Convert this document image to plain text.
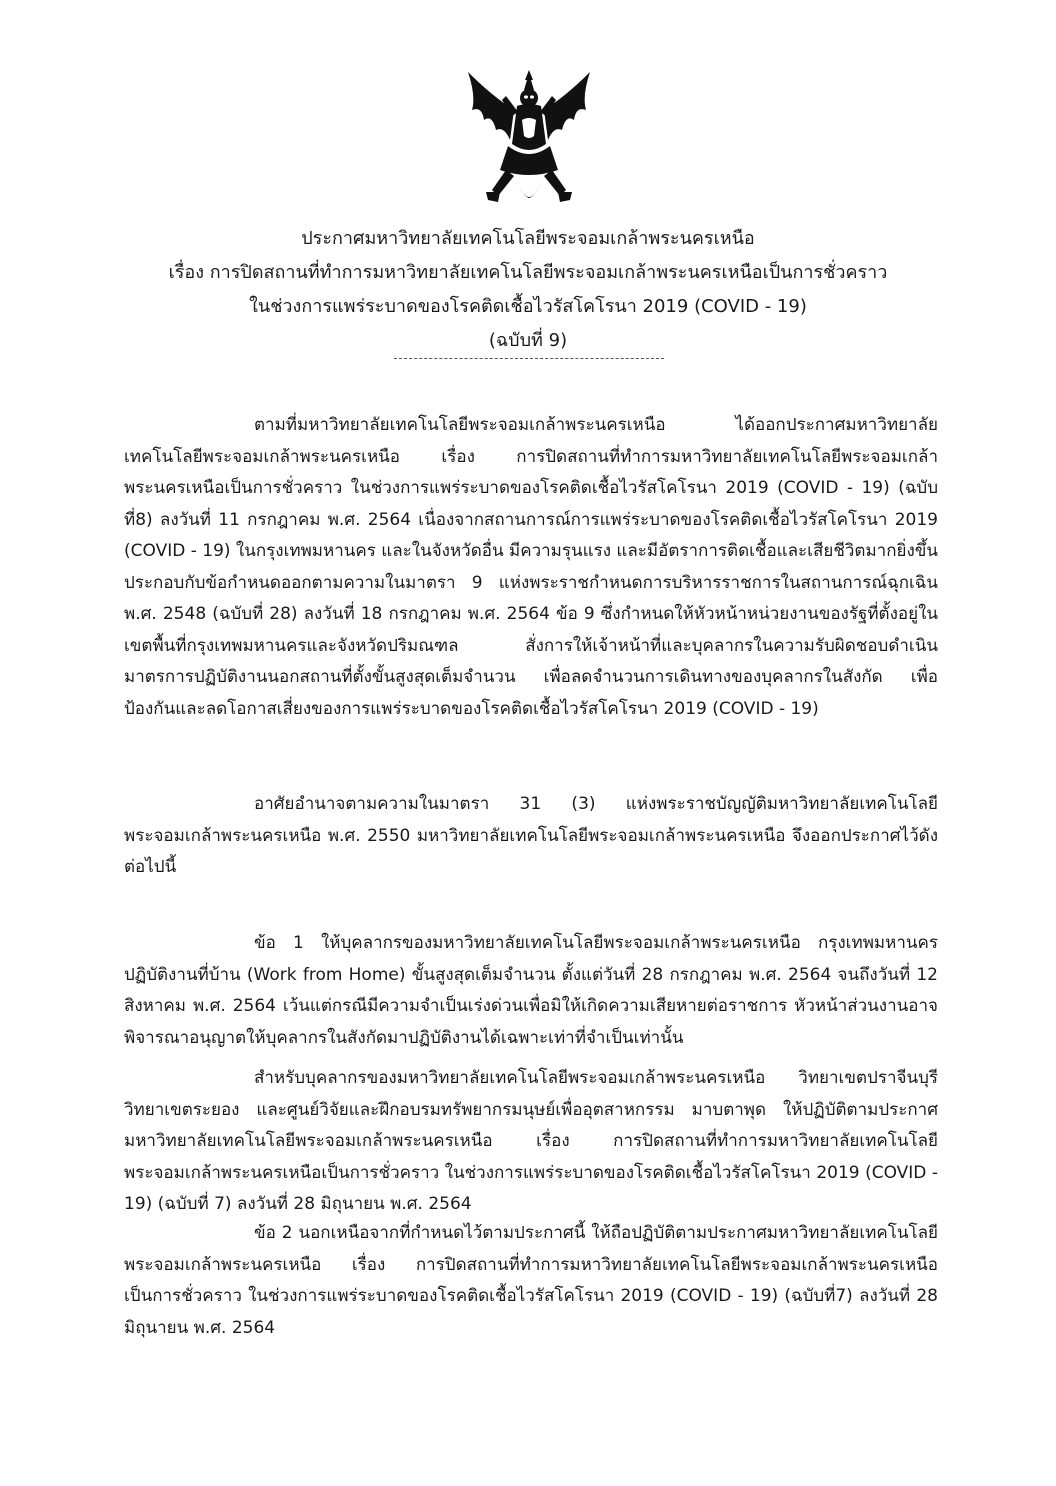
ประกาศมหาวิทยาลัยเทคโนโลยีพระจอมเกล้าพระนครเหนือ
เรื่อง การปิดสถานที่ทำการมหาวิทยาลัยเทคโนโลยีพระจอมเกล้าพระนครเหนือเป็นการชั่วคราว
ในช่วงการแพร่ระบาดของโรคติดเชื้อไวรัสโคโรนา 2019 (COVID - 19)
(ฉบับที่ 9)

ตามที่มหาวิทยาลัยเทคโนโลยีพระจอมเกล้าพระนครเหนือ ได้ออกประกาศมหาวิทยาลัยเทคโนโลยีพระจอมเกล้าพระนครเหนือ เรื่อง การปิดสถานที่ทำการมหาวิทยาลัยเทคโนโลยีพระจอมเกล้าพระนครเหนือเป็นการชั่วคราว ในช่วงการแพร่ระบาดของโรคติดเชื้อไวรัสโคโรนา 2019 (COVID - 19) (ฉบับที่8) ลงวันที่ 11 กรกฎาคม พ.ศ. 2564 เนื่องจากสถานการณ์การแพร่ระบาดของโรคติดเชื้อไวรัสโคโรนา 2019 (COVID - 19) ในกรุงเทพมหานคร และในจังหวัดอื่น มีความรุนแรง และมีอัตราการติดเชื้อและเสียชีวิตมากยิ่งขึ้น ประกอบกับข้อกำหนดออกตามความในมาตรา 9 แห่งพระราชกำหนดการบริหารราชการในสถานการณ์ฉุกเฉิน พ.ศ. 2548 (ฉบับที่ 28) ลงวันที่ 18 กรกฎาคม พ.ศ. 2564 ข้อ 9 ซึ่งกำหนดให้หัวหน้าหน่วยงานของรัฐที่ตั้งอยู่ในเขตพื้นที่กรุงเทพมหานครและจังหวัดปริมณฑล สั่งการให้เจ้าหน้าที่และบุคลากรในความรับผิดชอบดำเนินมาตรการปฏิบัติงานนอกสถานที่ตั้งขั้นสูงสุดเต็มจำนวน เพื่อลดจำนวนการเดินทางของบุคลากรในสังกัด เพื่อป้องกันและลดโอกาสเสี่ยงของการแพร่ระบาดของโรคติดเชื้อไวรัสโคโรนา 2019 (COVID - 19)

อาศัยอำนาจตามความในมาตรา 31 (3) แห่งพระราชบัญญัติมหาวิทยาลัยเทคโนโลยีพระจอมเกล้าพระนครเหนือ พ.ศ. 2550 มหาวิทยาลัยเทคโนโลยีพระจอมเกล้าพระนครเหนือ จึงออกประกาศไว้ดังต่อไปนี้

ข้อ 1 ให้บุคลากรของมหาวิทยาลัยเทคโนโลยีพระจอมเกล้าพระนครเหนือ กรุงเทพมหานคร ปฏิบัติงานที่บ้าน (Work from Home) ขั้นสูงสุดเต็มจำนวน ตั้งแต่วันที่ 28 กรกฎาคม พ.ศ. 2564 จนถึงวันที่ 12 สิงหาคม พ.ศ. 2564 เว้นแต่กรณีมีความจำเป็นเร่งด่วนเพื่อมิให้เกิดความเสียหายต่อราชการ หัวหน้าส่วนงานอาจพิจารณาอนุญาตให้บุคลากรในสังกัดมาปฏิบัติงานได้เฉพาะเท่าที่จำเป็นเท่านั้น

สำหรับบุคลากรของมหาวิทยาลัยเทคโนโลยีพระจอมเกล้าพระนครเหนือ วิทยาเขตปราจีนบุรี วิทยาเขตระยอง และศูนย์วิจัยและฝึกอบรมทรัพยากรมนุษย์เพื่ออุตสาหกรรม มาบตาพุด ให้ปฏิบัติตามประกาศมหาวิทยาลัยเทคโนโลยีพระจอมเกล้าพระนครเหนือ เรื่อง การปิดสถานที่ทำการมหาวิทยาลัยเทคโนโลยีพระจอมเกล้าพระนครเหนือเป็นการชั่วคราว ในช่วงการแพร่ระบาดของโรคติดเชื้อไวรัสโคโรนา 2019 (COVID - 19) (ฉบับที่ 7) ลงวันที่ 28 มิถุนายน พ.ศ. 2564

ข้อ 2 นอกเหนือจากที่กำหนดไว้ตามประกาศนี้ ให้ถือปฏิบัติตามประกาศมหาวิทยาลัยเทคโนโลยีพระจอมเกล้าพระนครเหนือ เรื่อง การปิดสถานที่ทำการมหาวิทยาลัยเทคโนโลยีพระจอมเกล้าพระนครเหนือเป็นการชั่วคราว ในช่วงการแพร่ระบาดของโรคติดเชื้อไวรัสโคโรนา 2019 (COVID - 19) (ฉบับที่7) ลงวันที่ 28 มิถุนายน พ.ศ. 2564
